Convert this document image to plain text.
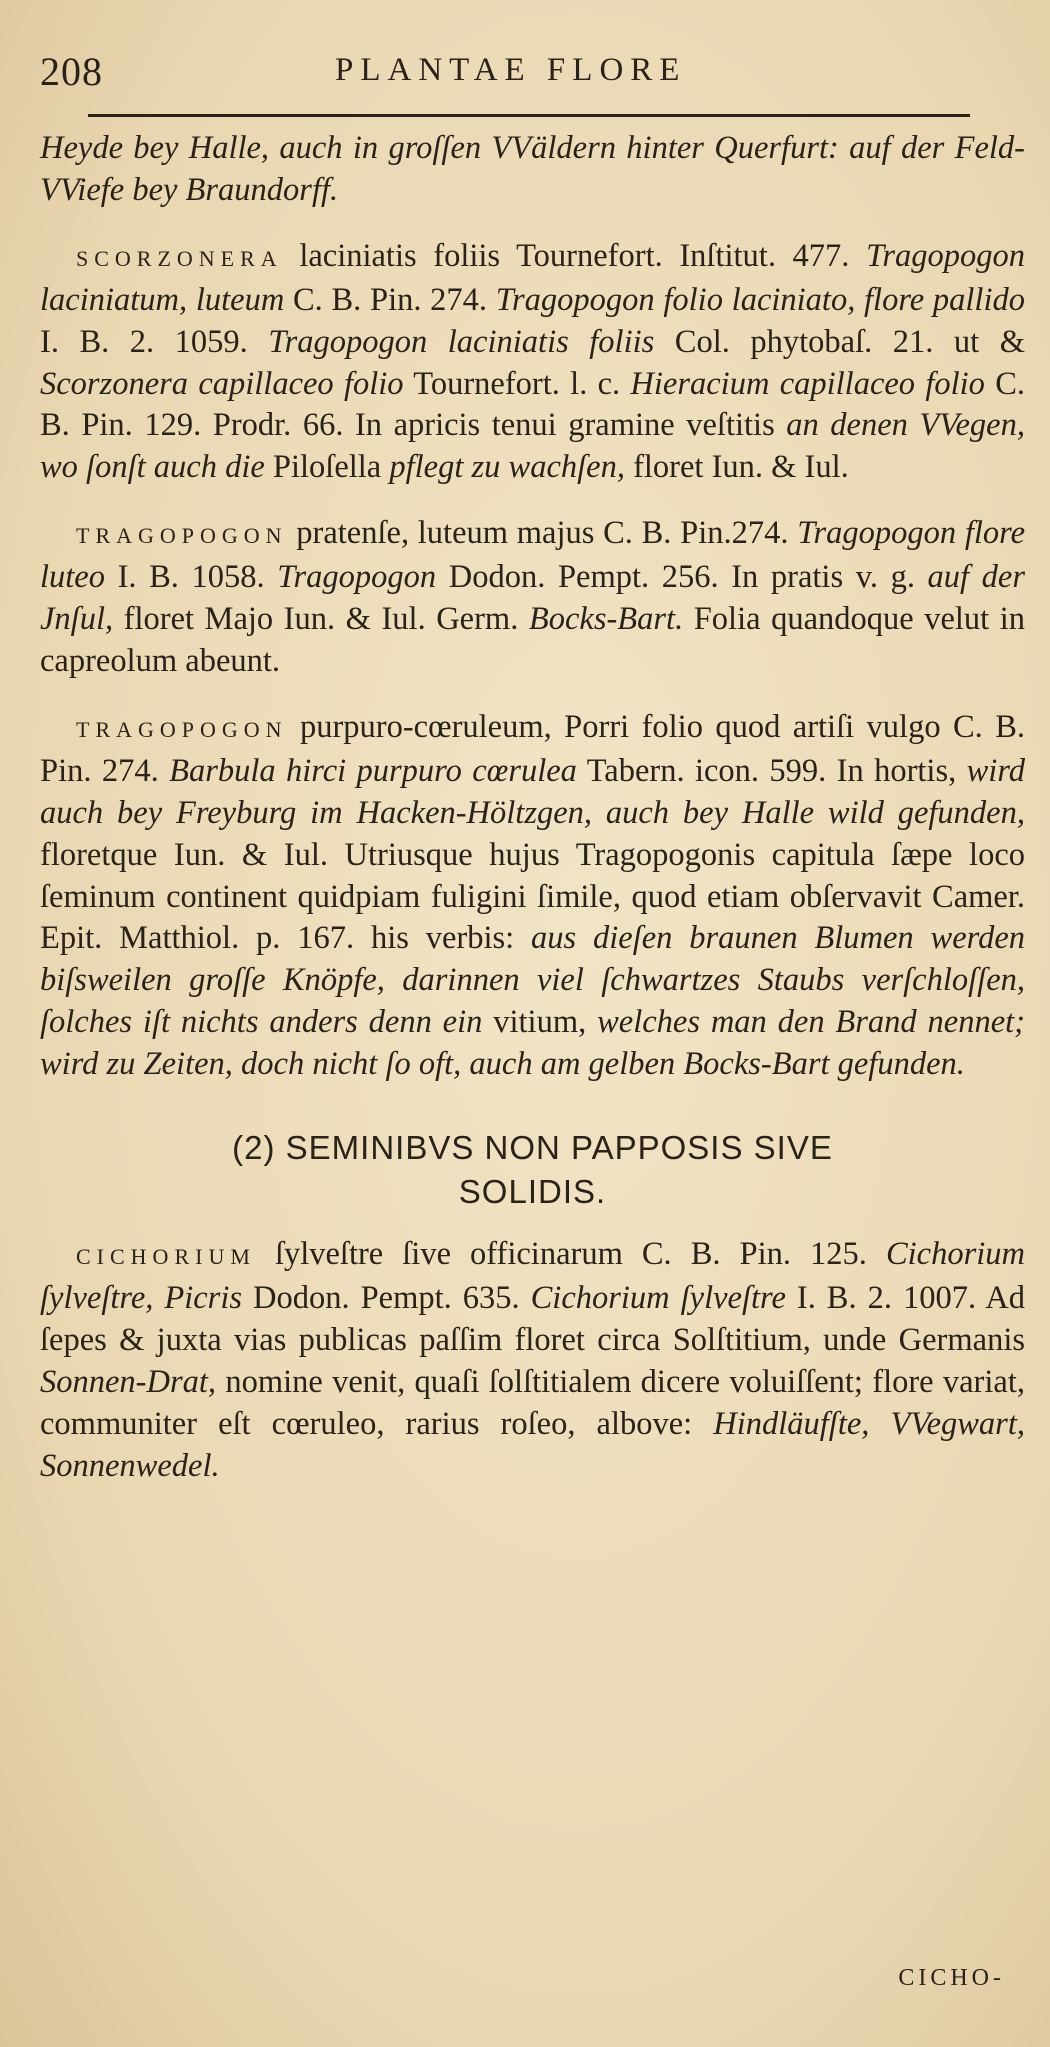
208	PLANTAE FLORE

Heyde bey Halle, auch in groſſen VVäldern hinter Querfurt: auf der Feld-VViefe bey Braundorff.

SCORZONERA laciniatis foliis Tournefort. Inſtitut. 477. Tragopogon laciniatum, luteum C. B. Pin. 274. Tragopogon folio laciniato, flore pallido I. B. 2. 1059. Tragopogon laciniatis foliis Col. phytobaſ. 21. ut & Scorzonera capillaceo folio Tournefort. l. c. Hieracium capillaceo folio C. B. Pin. 129. Prodr. 66. In apricis tenui gramine veſtitis an denen VVegen, wo ſonſt auch die Piloſella pflegt zu wachſen, floret Iun. & Iul.

TRAGOPOGON pratenſe, luteum majus C. B. Pin.274. Tragopogon flore luteo I. B. 1058. Tragopogon Dodon. Pempt. 256. In pratis v. g. auf der Jnſul, floret Majo Iun. & Iul. Germ. Bocks-Bart. Folia quandoque velut in capreolum abeunt.

TRAGOPOGON purpuro-cœruleum, Porri folio quod artiſi vulgo C. B. Pin. 274. Barbula hirci purpuro cœrulea Tabern. icon. 599. In hortis, wird auch bey Freyburg im Hacken-Höltzgen, auch bey Halle wild gefunden, floretque Iun. & Iul. Utriusque hujus Tragopogonis capitula ſæpe loco ſeminum continent quidpiam fuligini ſimile, quod etiam obſervavit Camer. Epit. Matthiol. p. 167. his verbis: aus dieſen braunen Blumen werden biſsweilen groſſe Knöpfe, darinnen viel ſchwartzes Staubs verſchloſſen, ſolches iſt nichts anders denn ein vitium, welches man den Brand nennet; wird zu Zeiten, doch nicht ſo oft, auch am gelben Bocks-Bart gefunden.

(2) SEMINIBVS NON PAPPOSIS SIVE
SOLIDIS.

CICHORIUM ſylveſtre ſive officinarum C. B. Pin. 125. Cichorium ſylveſtre, Picris Dodon. Pempt. 635. Cichorium ſylveſtre I. B. 2. 1007. Ad ſepes & juxta vias publicas paſſim floret circa Solſtitium, unde Germanis Sonnen-Drat, nomine venit, quaſi ſolſtitialem dicere voluiſſent; flore variat, communiter eſt cœruleo, rarius roſeo, albove: Hindläufſte, VVegwart, Sonnenwedel.

CICHO-
